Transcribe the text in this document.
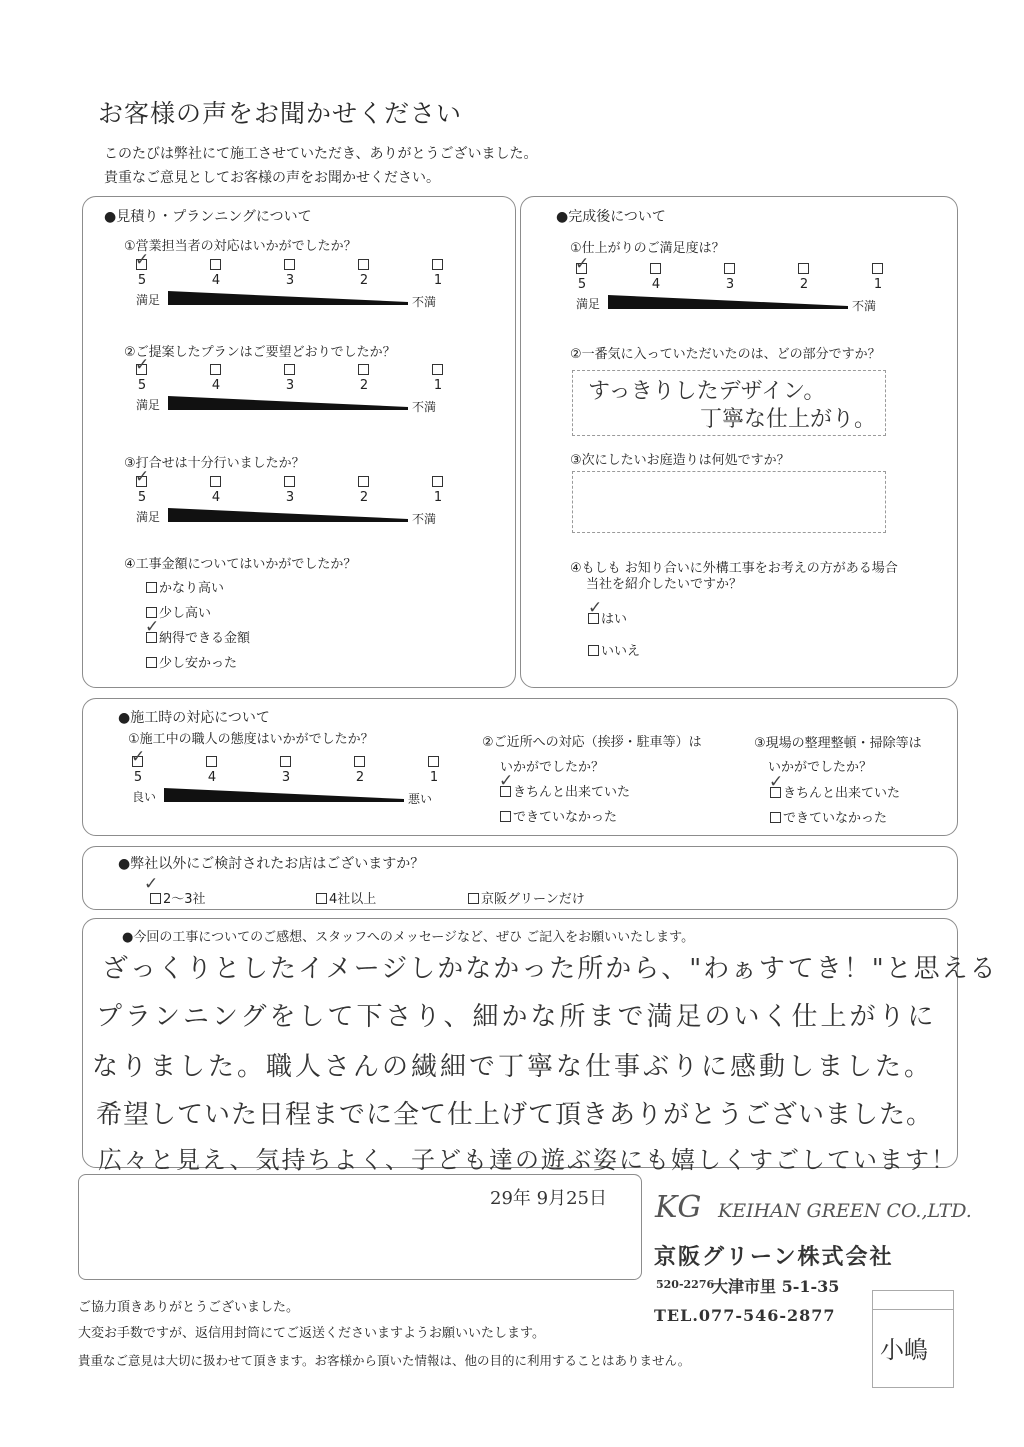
お客様の声をお聞かせください
このたびは弊社にて施工させていただき、ありがとうございました。
貴重なご意見としてお客様の声をお聞かせください。
●見積り・プランニングについて
①営業担当者の対応はいかがでしたか？
5	4	3	2	1
満足	不満
✓
②ご提案したプランはご要望どおりでしたか？
5	4	3	2	1
満足	不満
✓
③打合せは十分行いましたか？
5	4	3	2	1
満足	不満
✓
④工事金額についてはいかがでしたか？
かなり高い
少し高い
納得できる金額
✓
少し安かった
●完成後について
①仕上がりのご満足度は？
5	4	3	2	1
満足	不満
✓
②一番気に入っていただいたのは、どの部分ですか？
すっきりしたデザイン。
丁寧な仕上がり。
③次にしたいお庭造りは何処ですか？
④もしも お知り合いに外構工事をお考えの方がある場合
当社を紹介したいですか？
はい
✓
いいえ
●施工時の対応について
①施工中の職人の態度はいかがでしたか？
5	4	3	2	1
良い	悪い
✓
②ご近所への対応（挨拶・駐車等）は
いかがでしたか？
きちんと出来ていた
✓
できていなかった
③現場の整理整頓・掃除等は
いかがでしたか？
きちんと出来ていた
✓
できていなかった
●弊社以外にご検討されたお店はございますか？
2～3社
✓
4社以上	京阪グリーンだけ
●今回の工事についてのご感想、スタッフへのメッセージなど、ぜひ ご記入をお願いいたします。
ざっくりとしたイメージしかなかった所から、"わぁすてき！"と思える
プランニングをして下さり、細かな所まで満足のいく仕上がりに
なりました。職人さんの繊細で丁寧な仕事ぶりに感動しました。
希望していた日程までに全て仕上げて頂きありがとうございました。
広々と見え、気持ちよく、子ども達の遊ぶ姿にも嬉しくすごしています！
29年 9月25日 KG KEIHAN GREEN CO.,LTD.
京阪グリーン株式会社
520-2276
大津市里 5-1-35
TEL.077-546-2877
小嶋
ご協力頂きありがとうございました。
大変お手数ですが、返信用封筒にてご返送くださいますようお願いいたします。
貴重なご意見は大切に扱わせて頂きます。お客様から頂いた情報は、他の目的に利用することはありません。
